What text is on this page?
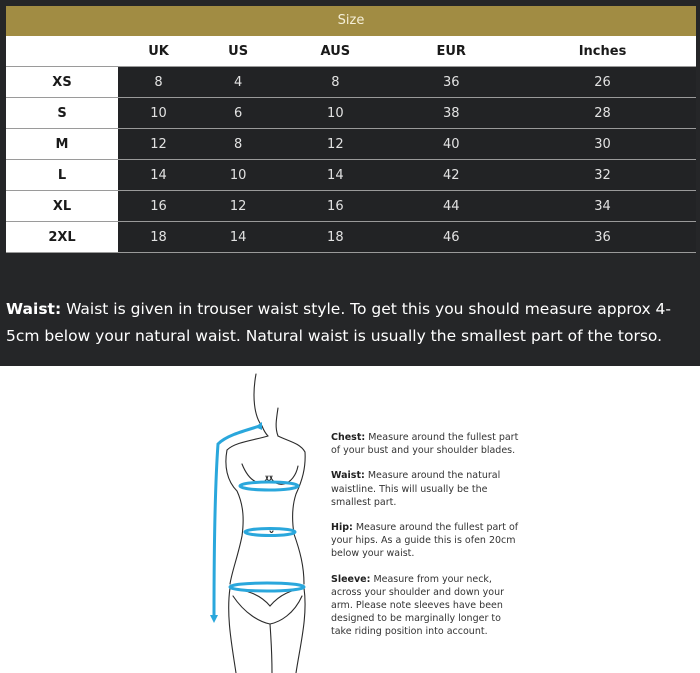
Size
	UK	US	AUS	EUR	Inches
XS	8	4	8	36	26
S	10	6	10	38	28
M	12	8	12	40	30
L	14	10	14	42	32
XL	16	12	16	44	34
2XL	18	14	18	46	36
Waist: Waist is given in trouser waist style. To get this you should measure approx 4-5cm below your natural waist. Natural waist is usually the smallest part of the torso.

Chest: Measure around the fullest part of your bust and your shoulder blades.

Waist: Measure around the natural waistline. This will usually be the smallest part.

Hip: Measure around the fullest part of your hips. As a guide this is ofen 20cm below your waist.

Sleeve: Measure from your neck, across your shoulder and down your arm. Please note sleeves have been designed to be marginally longer to take riding position into account.
